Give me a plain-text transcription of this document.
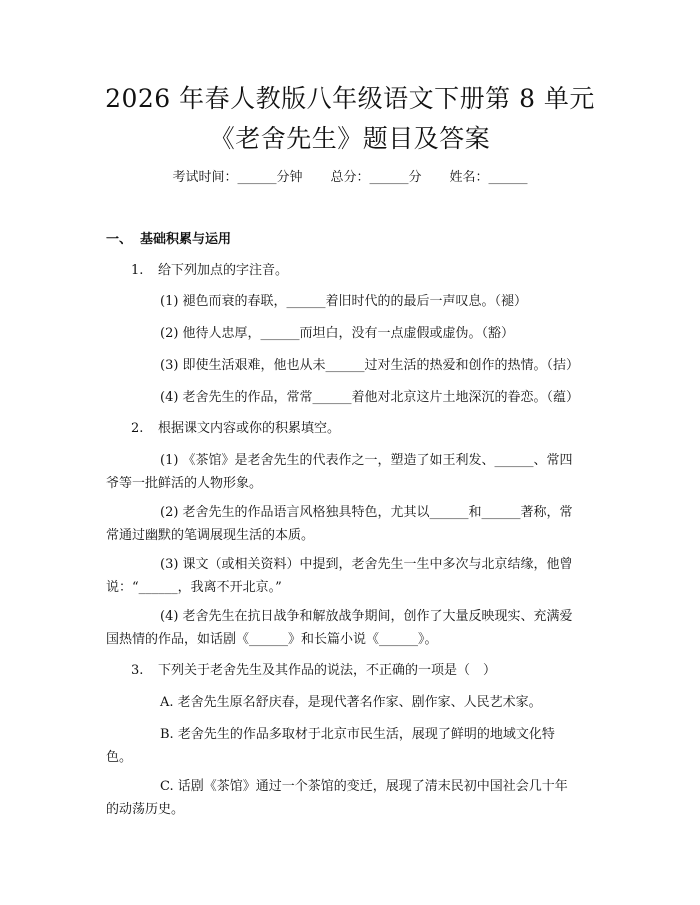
2026 年春人教版八年级语文下册第 8 单元
《老舍先生》题目及答案
考试时间：______分钟 总分：______分 姓名：______
一、 基础积累与运用
1. 给下列加点的字注音。
(1) 褪色而衰的春联，______着旧时代的的最后一声叹息。（褪）
(2) 他待人忠厚，______而坦白，没有一点虚假或虚伪。（豁）
(3) 即使生活艰难，他也从未______过对生活的热爱和创作的热情。（拮）
(4) 老舍先生的作品，常常______着他对北京这片土地深沉的眷恋。（蕴）
2. 根据课文内容或你的积累填空。
(1) 《茶馆》是老舍先生的代表作之一，塑造了如王利发、______、常四
爷等一批鲜活的人物形象。
(2) 老舍先生的作品语言风格独具特色，尤其以______和______著称，常
常通过幽默的笔调展现生活的本质。
(3) 课文（或相关资料）中提到，老舍先生一生中多次与北京结缘，他曾
说：“______，我离不开北京。”
(4) 老舍先生在抗日战争和解放战争期间，创作了大量反映现实、充满爱
国热情的作品，如话剧《______》和长篇小说《______》。
3. 下列关于老舍先生及其作品的说法，不正确的一项是（　）
A. 老舍先生原名舒庆春，是现代著名作家、剧作家、人民艺术家。
B. 老舍先生的作品多取材于北京市民生活，展现了鲜明的地域文化特
色。
C. 话剧《茶馆》通过一个茶馆的变迁，展现了清末民初中国社会几十年
的动荡历史。
